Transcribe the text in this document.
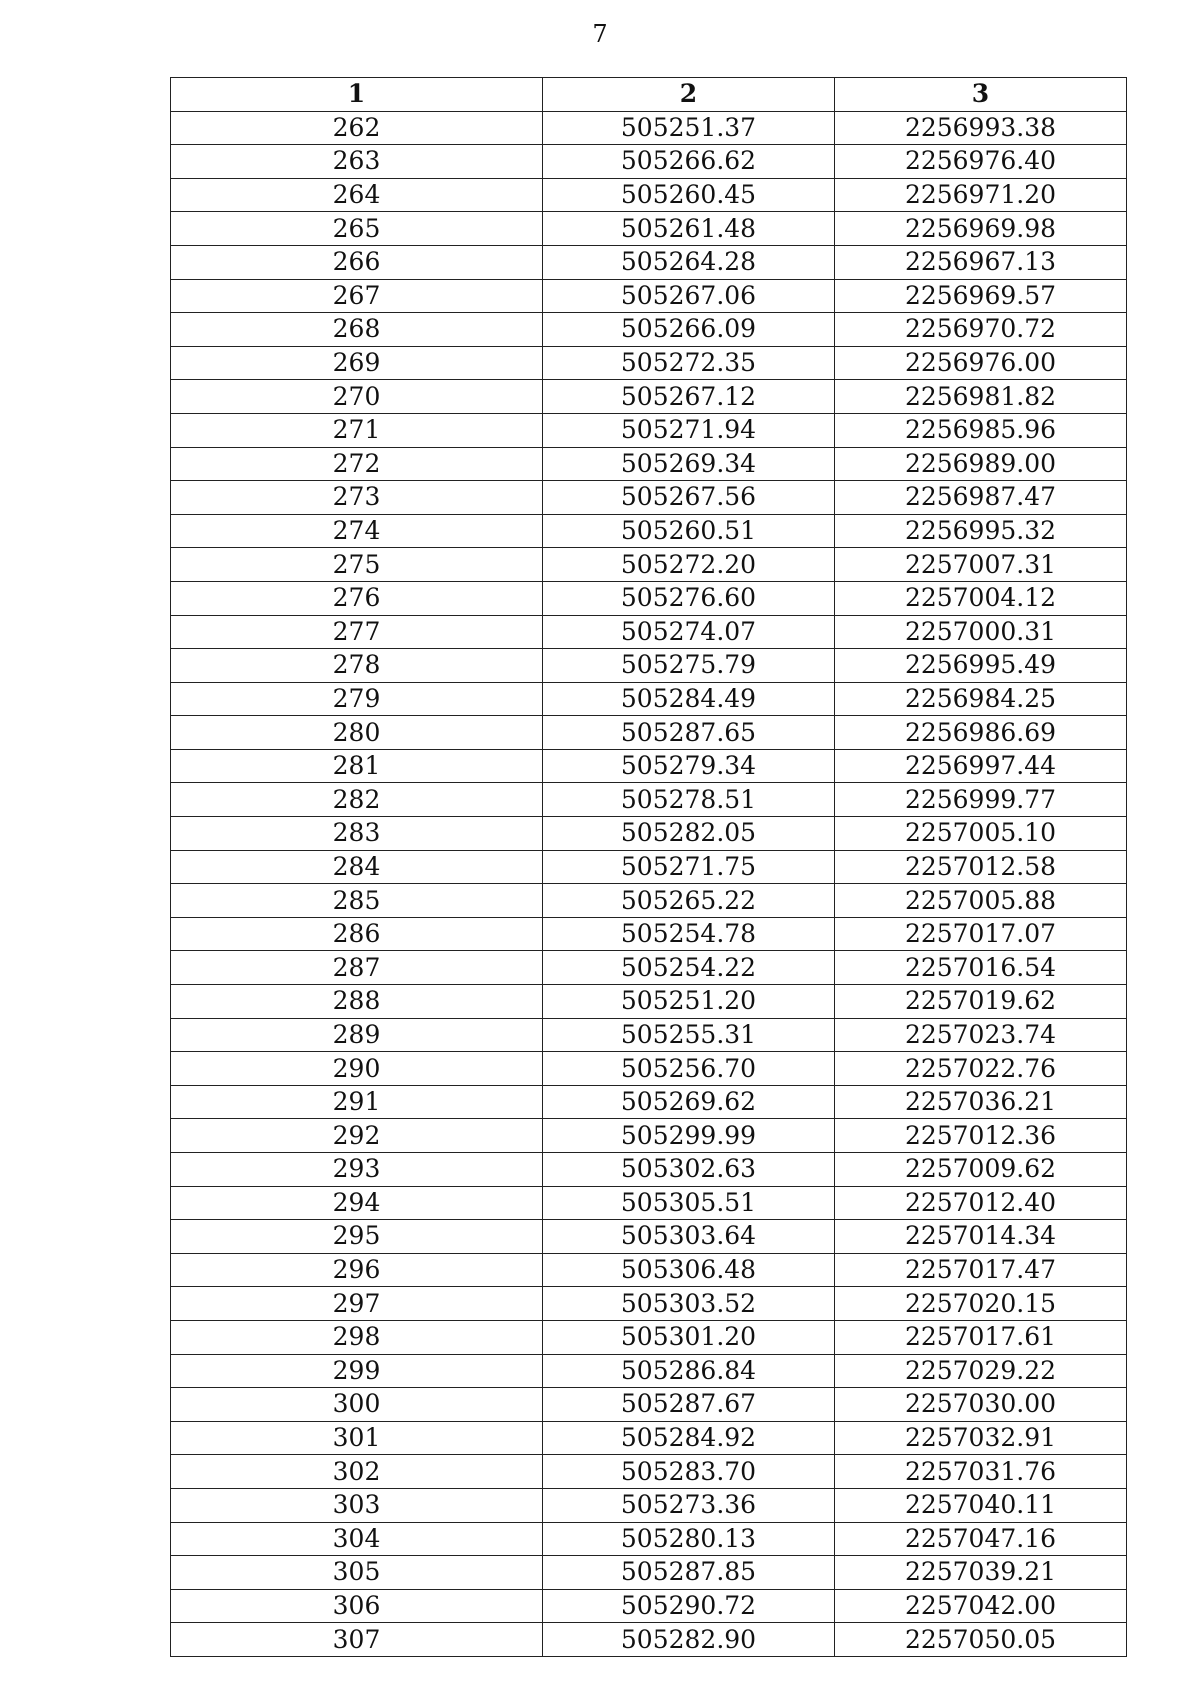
7
1	2	3
262	505251.37	2256993.38
263	505266.62	2256976.40
264	505260.45	2256971.20
265	505261.48	2256969.98
266	505264.28	2256967.13
267	505267.06	2256969.57
268	505266.09	2256970.72
269	505272.35	2256976.00
270	505267.12	2256981.82
271	505271.94	2256985.96
272	505269.34	2256989.00
273	505267.56	2256987.47
274	505260.51	2256995.32
275	505272.20	2257007.31
276	505276.60	2257004.12
277	505274.07	2257000.31
278	505275.79	2256995.49
279	505284.49	2256984.25
280	505287.65	2256986.69
281	505279.34	2256997.44
282	505278.51	2256999.77
283	505282.05	2257005.10
284	505271.75	2257012.58
285	505265.22	2257005.88
286	505254.78	2257017.07
287	505254.22	2257016.54
288	505251.20	2257019.62
289	505255.31	2257023.74
290	505256.70	2257022.76
291	505269.62	2257036.21
292	505299.99	2257012.36
293	505302.63	2257009.62
294	505305.51	2257012.40
295	505303.64	2257014.34
296	505306.48	2257017.47
297	505303.52	2257020.15
298	505301.20	2257017.61
299	505286.84	2257029.22
300	505287.67	2257030.00
301	505284.92	2257032.91
302	505283.70	2257031.76
303	505273.36	2257040.11
304	505280.13	2257047.16
305	505287.85	2257039.21
306	505290.72	2257042.00
307	505282.90	2257050.05
